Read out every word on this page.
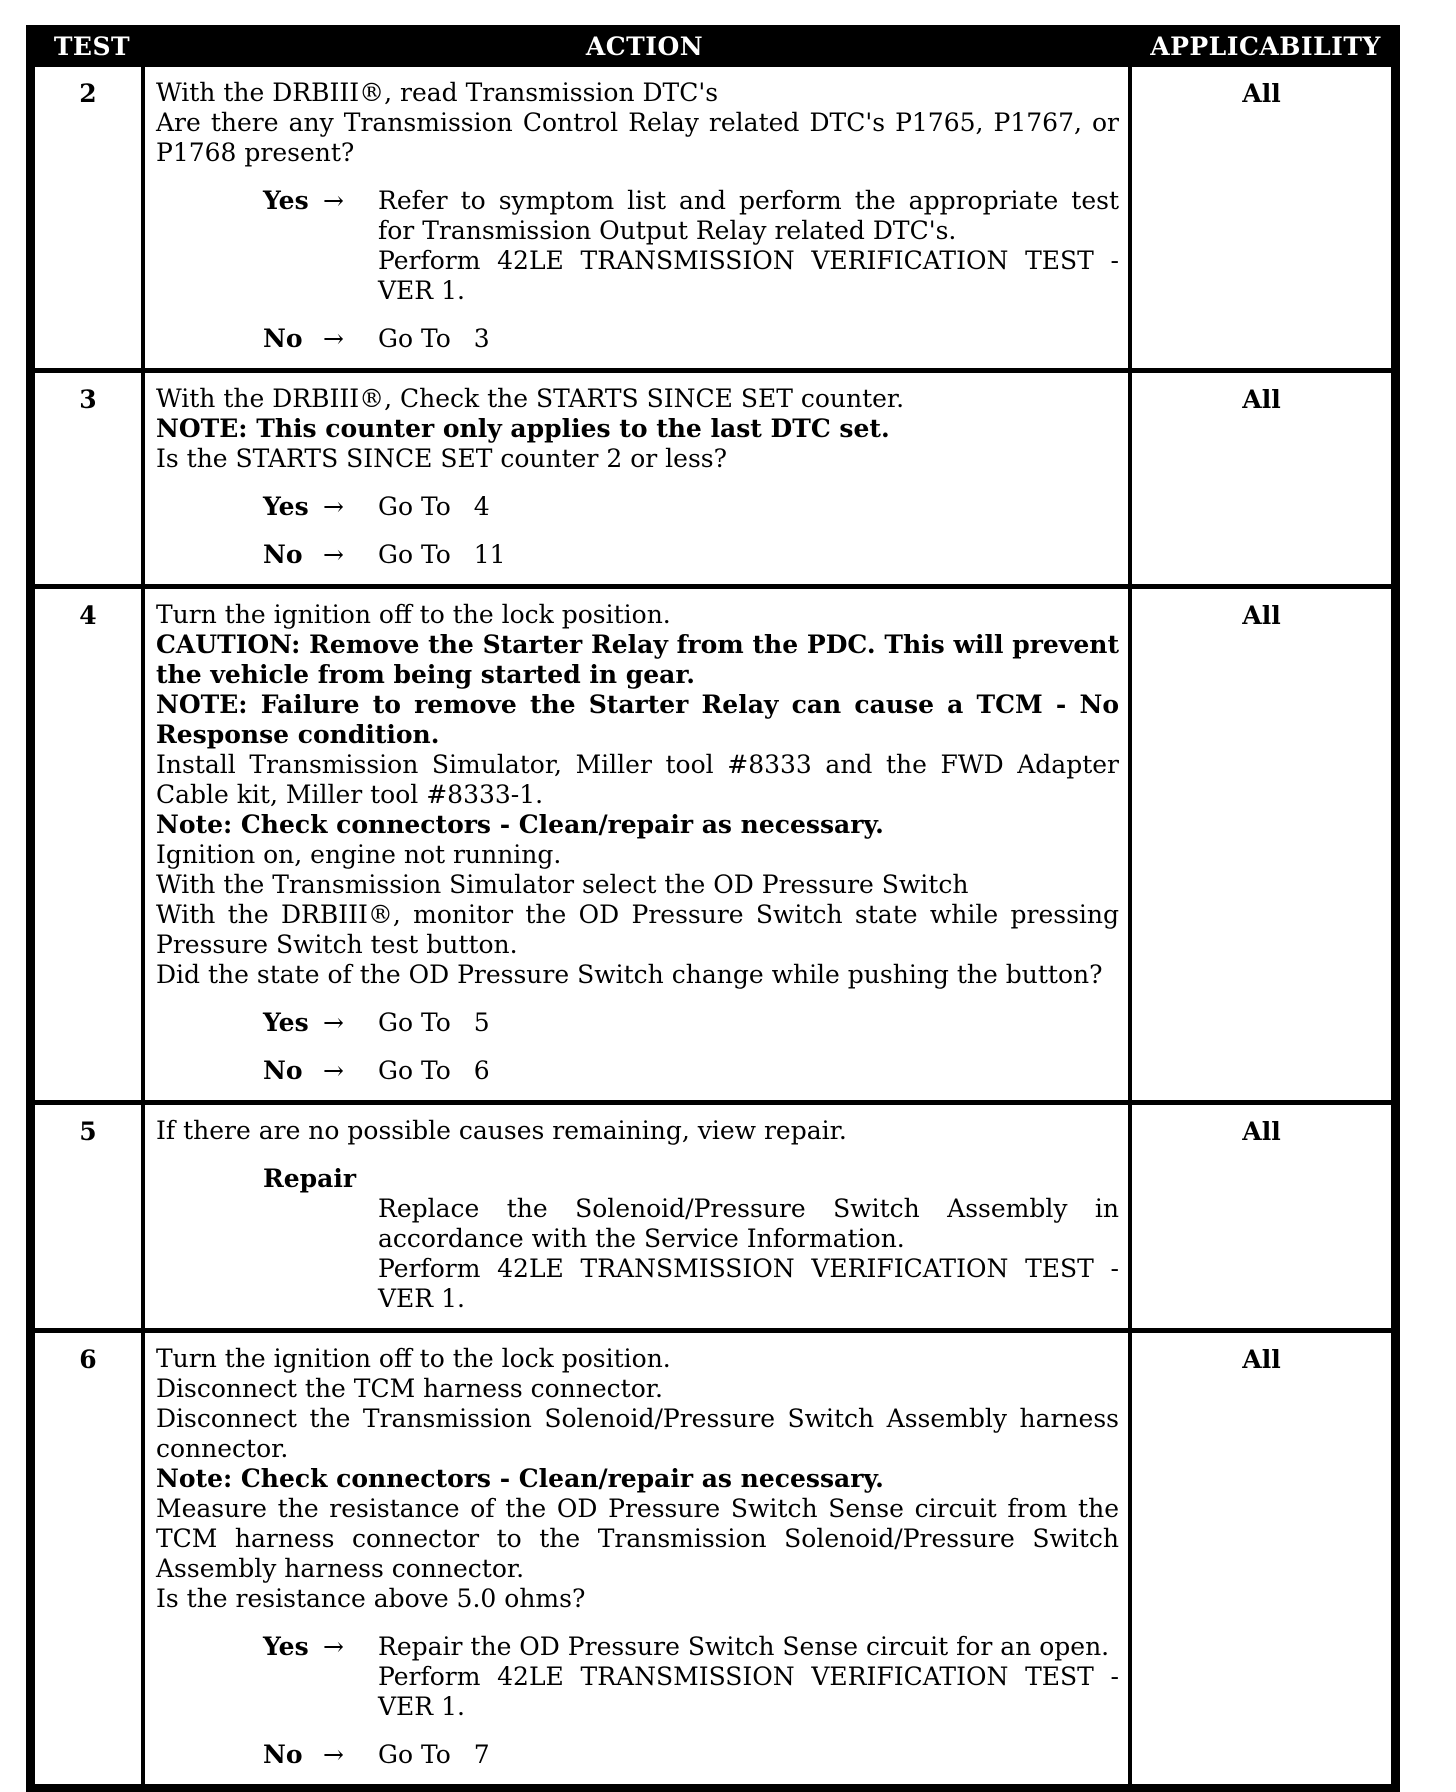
TEST	ACTION	APPLICABILITY
2	With the DRBIII®, read Transmission DTC's

Are there any Transmission Control Relay related DTC's P1765, P1767, or P1768 present?

Yes →	Refer to symptom list and perform the appropriate test for Transmission Output Relay related DTC's.
Perform 42LE TRANSMISSION VERIFICATION TEST - VER 1.
No →	Go To 3
All
3	With the DRBIII®, Check the STARTS SINCE SET counter.

NOTE: This counter only applies to the last DTC set.

Is the STARTS SINCE SET counter 2 or less?

Yes →	Go To 4
No →	Go To 11
All
4	Turn the ignition off to the lock position.

CAUTION: Remove the Starter Relay from the PDC. This will prevent the vehicle from being started in gear.

NOTE: Failure to remove the Starter Relay can cause a TCM - No Response condition.

Install Transmission Simulator, Miller tool #8333 and the FWD Adapter Cable kit, Miller tool #8333-1.

Note: Check connectors - Clean/repair as necessary.

Ignition on, engine not running.

With the Transmission Simulator select the OD Pressure Switch

With the DRBIII®, monitor the OD Pressure Switch state while pressing Pressure Switch test button.

Did the state of the OD Pressure Switch change while pushing the button?

Yes →	Go To 5
No →	Go To 6
All
5	If there are no possible causes remaining, view repair.

Repair
Replace the Solenoid/Pressure Switch Assembly in accordance with the Service Information.
Perform 42LE TRANSMISSION VERIFICATION TEST - VER 1.
All
6	Turn the ignition off to the lock position.

Disconnect the TCM harness connector.

Disconnect the Transmission Solenoid/Pressure Switch Assembly harness connector.

Note: Check connectors - Clean/repair as necessary.

Measure the resistance of the OD Pressure Switch Sense circuit from the TCM harness connector to the Transmission Solenoid/Pressure Switch Assembly harness connector.

Is the resistance above 5.0 ohms?

Yes →	Repair the OD Pressure Switch Sense circuit for an open.
Perform 42LE TRANSMISSION VERIFICATION TEST - VER 1.
No →	Go To 7
All
